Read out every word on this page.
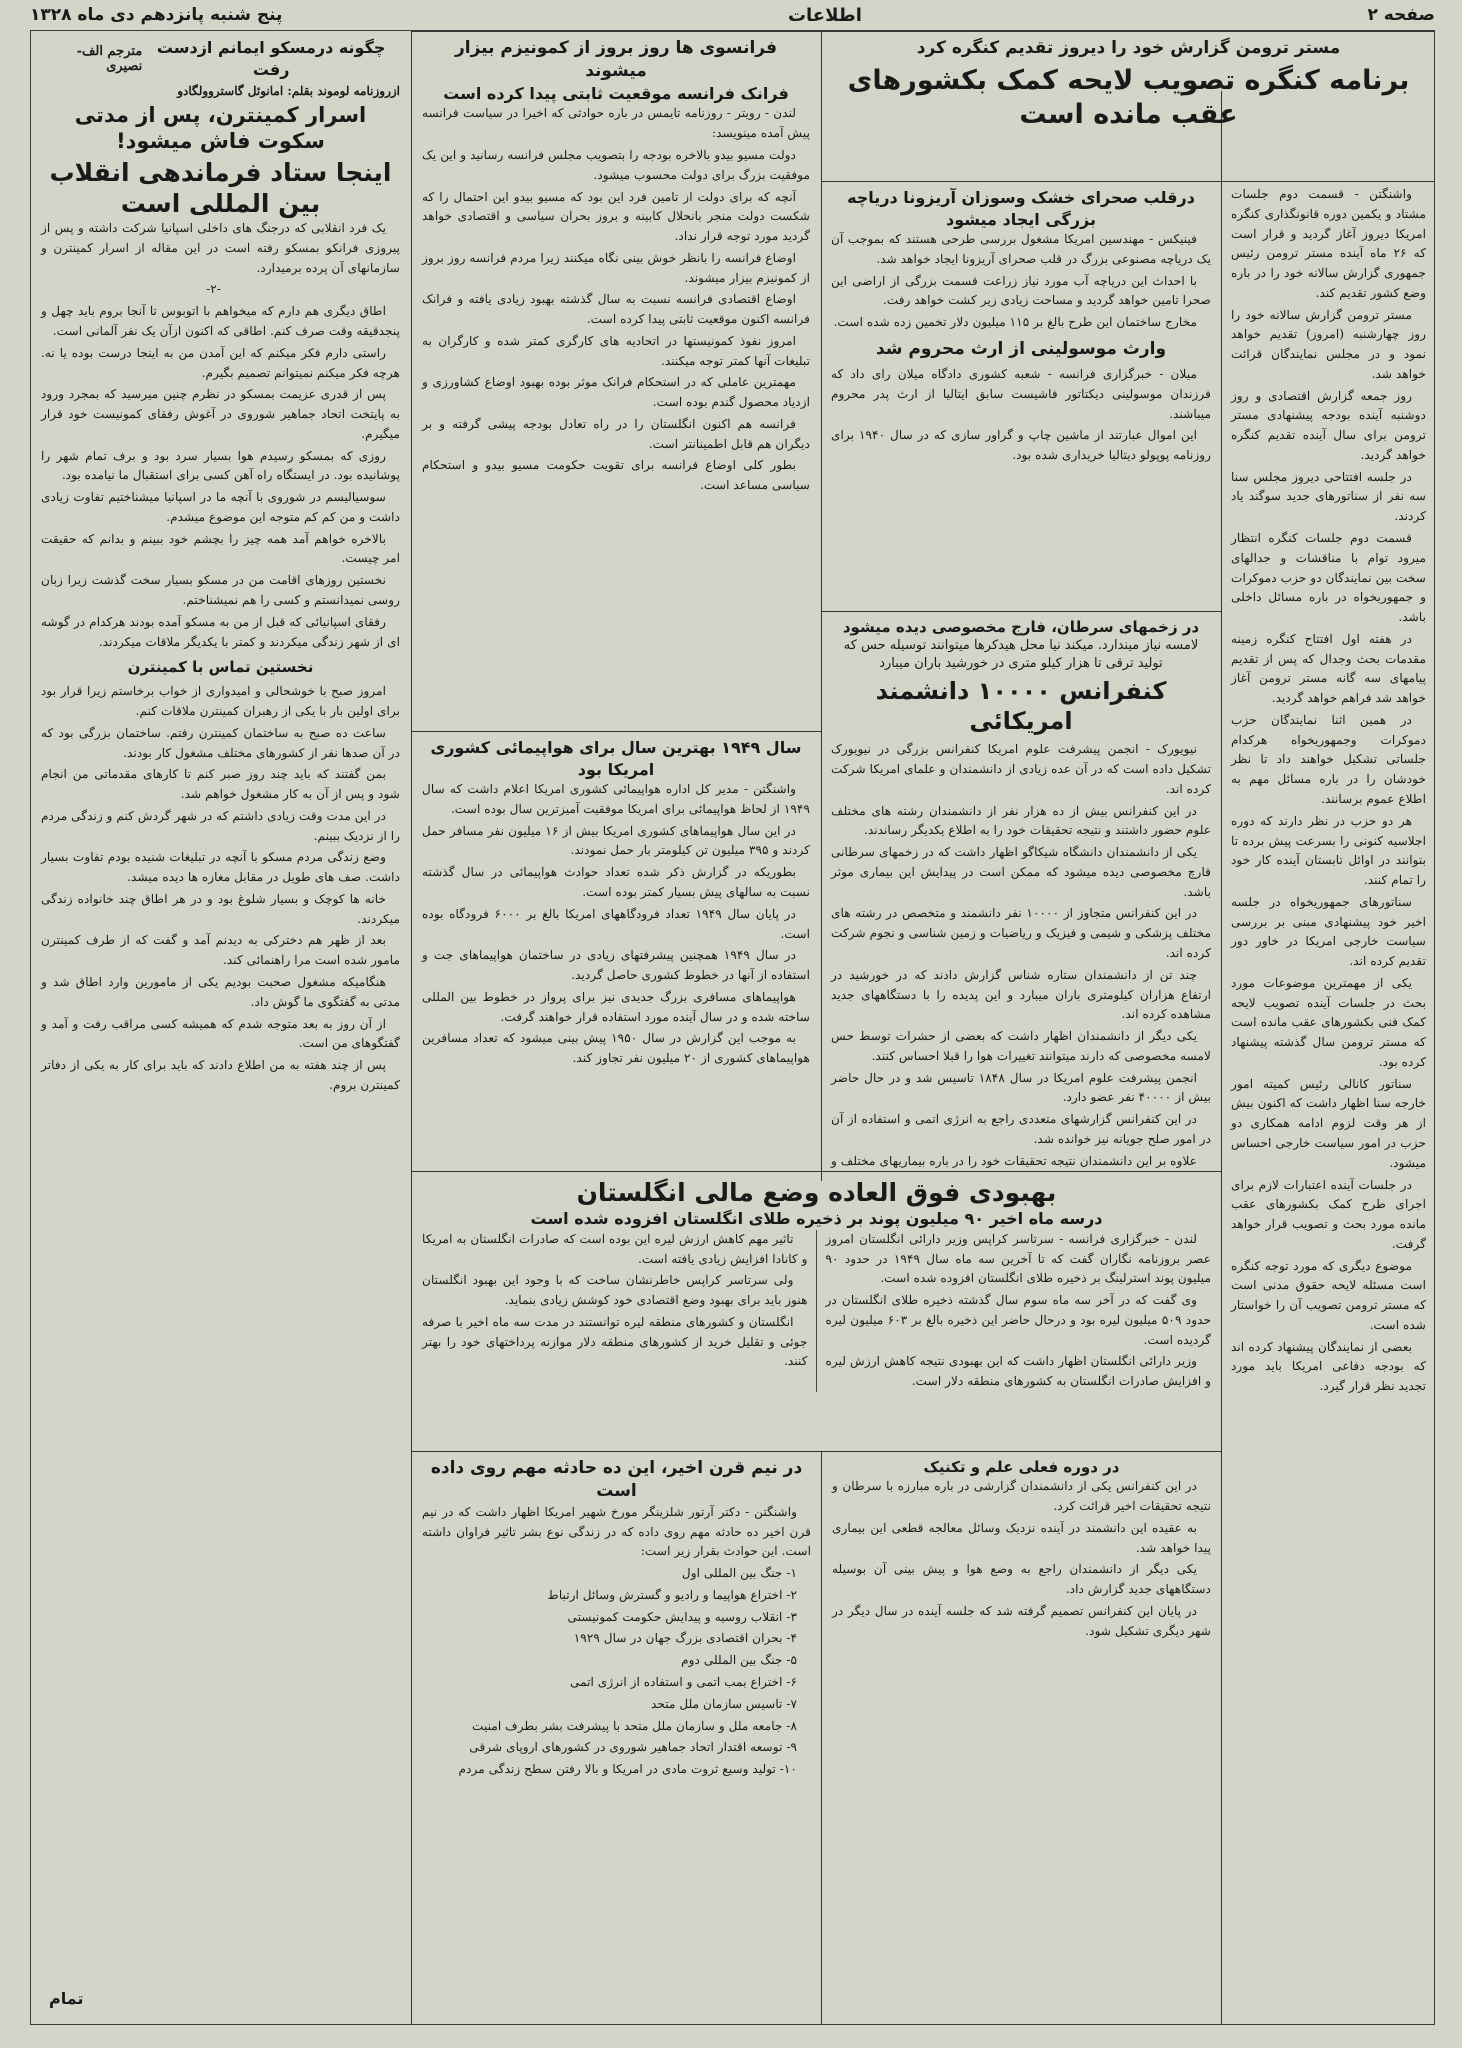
پنج شنبه پانزدهم دی ماه ۱۳۲۸	اطلاعات	صفحه ۲
مستر ترومن گزارش خود را دیروز تقدیم کنگره کرد
برنامه کنگره تصویب لایحه کمک بکشورهای عقب مانده است

واشنگتن - قسمت دوم جلسات مشتاد و یکمین دوره قانونگذاری کنگره امریکا دیروز آغاز گردید و قرار است که ۲۶ ماه آینده مستر ترومن رئیس جمهوری گزارش سالانه خود را در باره وضع کشور تقدیم کند.

مستر ترومن گزارش سالانه خود را روز چهارشنبه (امروز) تقدیم خواهد نمود و در مجلس نمایندگان قرائت خواهد شد.

روز جمعه گزارش اقتصادی و روز دوشنبه آینده بودجه پیشنهادی مستر ترومن برای سال آینده تقدیم کنگره خواهد گردید.

در جلسه افتتاحی دیروز مجلس سنا سه نفر از سناتورهای جدید سوگند یاد کردند.

قسمت دوم جلسات کنگره انتظار میرود توام با مناقشات و جدالهای سخت بین نمایندگان دو حزب دموکرات و جمهوریخواه در باره مسائل داخلی باشد.

در هفته اول افتتاح کنگره زمینه مقدمات بحث وجدال که پس از تقدیم پیامهای سه گانه مستر ترومن آغاز خواهد شد فراهم خواهد گردید.

در همین اثنا نمایندگان حزب دموکرات وجمهوریخواه هرکدام جلساتی تشکیل خواهند داد تا نظر خودشان را در باره مسائل مهم به اطلاع عموم برسانند.

هر دو حزب در نظر دارند که دوره اجلاسیه کنونی را بسرعت پیش برده تا بتوانند در اوائل تابستان آینده کار خود را تمام کنند.

سناتورهای جمهوریخواه در جلسه اخیر خود پیشنهادی مبنی بر بررسی سیاست خارجی امریکا در خاور دور تقدیم کرده اند.

یکی از مهمترین موضوعات مورد بحث در جلسات آینده تصویب لایحه کمک فنی بکشورهای عقب مانده است که مستر ترومن سال گذشته پیشنهاد کرده بود.

سناتور کانالی رئیس کمیته امور خارجه سنا اظهار داشت که اکنون بیش از هر وقت لزوم ادامه همکاری دو حزب در امور سیاست خارجی احساس میشود.

در جلسات آینده اعتبارات لازم برای اجرای طرح کمک بکشورهای عقب مانده مورد بحث و تصویب قرار خواهد گرفت.

موضوع دیگری که مورد توجه کنگره است مسئله لایحه حقوق مدنی است که مستر ترومن تصویب آن را خواستار شده است.

بعضی از نمایندگان پیشنهاد کرده اند که بودجه دفاعی امریکا باید مورد تجدید نظر قرار گیرد.

درقلب صحرای خشک وسوزان آریزونا دریاچه بزرگی ایجاد میشود

فینیکس - مهندسین امریکا مشغول بررسی طرحی هستند که بموجب آن یک دریاچه مصنوعی بزرگ در قلب صحرای آریزونا ایجاد خواهد شد.

با احداث این دریاچه آب مورد نیاز زراعت قسمت بزرگی از اراضی این صحرا تامین خواهد گردید و مساحت زیادی زیر کشت خواهد رفت.

مخارج ساختمان این طرح بالغ بر ۱۱۵ میلیون دلار تخمین زده شده است.

وارث موسولینی از ارث محروم شد

میلان - خبرگزاری فرانسه - شعبه کشوری دادگاه میلان رای داد که فرزندان موسولینی دیکتاتور فاشیست سابق ایتالیا از ارث پدر محروم میباشند.

این اموال عبارتند از ماشین چاپ و گراور سازی که در سال ۱۹۴۰ برای روزنامه پوپولو دیتالیا خریداری شده بود.

در زخمهای سرطان، فارج مخصوصی دیده میشود
لامسه نیاز میندارد. میکند نیا محل هیدکرها میتوانند توسیله حس که تولید ترقی تا هزار کیلو متری در خورشید باران میبارد
کنفرانس ۱۰۰۰۰ دانشمند امریکائی

نیویورک - انجمن پیشرفت علوم امریکا کنفرانس بزرگی در نیویورک تشکیل داده است که در آن عده زیادی از دانشمندان و علمای امریکا شرکت کرده اند.

در این کنفرانس بیش از ده هزار نفر از دانشمندان رشته های مختلف علوم حضور داشتند و نتیجه تحقیقات خود را به اطلاع یکدیگر رساندند.

یکی از دانشمندان دانشگاه شیکاگو اظهار داشت که در زخمهای سرطانی قارچ مخصوصی دیده میشود که ممکن است در پیدایش این بیماری موثر باشد.

در این کنفرانس متجاوز از ۱۰۰۰۰ نفر دانشمند و متخصص در رشته های مختلف پزشکی و شیمی و فیزیک و ریاضیات و زمین شناسی و نجوم شرکت کرده اند.

چند تن از دانشمندان ستاره شناس گزارش دادند که در خورشید در ارتفاع هزاران کیلومتری باران میبارد و این پدیده را با دستگاههای جدید مشاهده کرده اند.

یکی دیگر از دانشمندان اظهار داشت که بعضی از حشرات توسط حس لامسه مخصوصی که دارند میتوانند تغییرات هوا را قبلا احساس کنند.

انجمن پیشرفت علوم امریکا در سال ۱۸۴۸ تاسیس شد و در حال حاضر بیش از ۴۰۰۰۰ نفر عضو دارد.

در این کنفرانس گزارشهای متعددی راجع به انرژی اتمی و استفاده از آن در امور صلح جویانه نیز خوانده شد.

علاوه بر این دانشمندان نتیجه تحقیقات خود را در باره بیماریهای مختلف و

فرانسوی ها روز بروز از کمونیزم بیزار میشوند
فرانک فرانسه موقعیت ثابتی پیدا کرده است

لندن - رویتر - روزنامه تایمس در باره حوادثی که اخیرا در سیاست فرانسه پیش آمده مینویسد:

دولت مسیو بیدو بالاخره بودجه را بتصویب مجلس فرانسه رسانید و این یک موفقیت بزرگ برای دولت محسوب میشود.

آنچه که برای دولت از تامین فرد این بود که مسیو بیدو این احتمال را که شکست دولت منجر بانحلال کابینه و بروز بحران سیاسی و اقتصادی خواهد گردید مورد توجه قرار نداد.

اوضاع فرانسه را بانظر خوش بینی نگاه میکنند زیرا مردم فرانسه روز بروز از کمونیزم بیزار میشوند.

اوضاع اقتصادی فرانسه نسبت به سال گذشته بهبود زیادی یافته و فرانک فرانسه اکنون موقعیت ثابتی پیدا کرده است.

امروز نفوذ کمونیستها در اتحادیه های کارگری کمتر شده و کارگران به تبلیغات آنها کمتر توجه میکنند.

مهمترین عاملی که در استحکام فرانک موثر بوده بهبود اوضاع کشاورزی و ازدیاد محصول گندم بوده است.

فرانسه هم اکنون انگلستان را در راه تعادل بودجه پیشی گرفته و بر دیگران هم قابل اطمینانتر است.

بطور کلی اوضاع فرانسه برای تقویت حکومت مسیو بیدو و استحکام سیاسی مساعد است.

سال ۱۹۴۹ بهترین سال برای هواپیمائی کشوری امریکا بود

واشنگتن - مدیر کل اداره هواپیمائی کشوری امریکا اعلام داشت که سال ۱۹۴۹ از لحاظ هواپیمائی برای امریکا موفقیت آمیزترین سال بوده است.

در این سال هواپیماهای کشوری امریکا بیش از ۱۶ میلیون نفر مسافر حمل کردند و ۳۹۵ میلیون تن کیلومتر بار حمل نمودند.

بطوریکه در گزارش ذکر شده تعداد حوادث هواپیمائی در سال گذشته نسبت به سالهای پیش بسیار کمتر بوده است.

در پایان سال ۱۹۴۹ تعداد فرودگاههای امریکا بالغ بر ۶۰۰۰ فرودگاه بوده است.

در سال ۱۹۴۹ همچنین پیشرفتهای زیادی در ساختمان هواپیماهای جت و استفاده از آنها در خطوط کشوری حاصل گردید.

هواپیماهای مسافری بزرگ جدیدی نیز برای پرواز در خطوط بین المللی ساخته شده و در سال آینده مورد استفاده قرار خواهند گرفت.

به موجب این گزارش در سال ۱۹۵۰ پیش بینی میشود که تعداد مسافرین هواپیماهای کشوری از ۲۰ میلیون نفر تجاوز کند.

چگونه درمسکو ایمانم ازدست رفت
مترجم الف- نصیری
ازروزنامه لوموند بقلم: امانوئل گاستروولگادو
اسرار کمینترن، پس از مدتی سکوت فاش میشود!
اینجا ستاد فرماندهی انقلاب بین المللی است

یک فرد انقلابی که درجنگ های داخلی اسپانیا شرکت داشته و پس از پیروزی فرانکو بمسکو رفته است در این مقاله از اسرار کمینترن و سازمانهای آن پرده برمیدارد.

-۲-

اطاق دیگری هم دارم که میخواهم با اتوبوس تا آنجا بروم باید چهل و پنجدقیقه وقت صرف کنم. اطاقی که اکنون ازآن یک نفر آلمانی است.

راستی دارم فکر میکنم که این آمدن من به اینجا درست بوده یا نه. هرچه فکر میکنم نمیتوانم تصمیم بگیرم.

پس از قدری عزیمت بمسکو در نظرم چنین میرسید که بمجرد ورود به پایتخت اتحاد جماهیر شوروی در آغوش رفقای کمونیست خود قرار میگیرم.

روزی که بمسکو رسیدم هوا بسیار سرد بود و برف تمام شهر را پوشانیده بود. در ایستگاه راه آهن کسی برای استقبال ما نیامده بود.

سوسیالیسم در شوروی با آنچه ما در اسپانیا میشناختیم تفاوت زیادی داشت و من کم کم متوجه این موضوع میشدم.

بالاخره خواهم آمد همه چیز را بچشم خود ببینم و بدانم که حقیقت امر چیست.

نخستین روزهای اقامت من در مسکو بسیار سخت گذشت زیرا زبان روسی نمیدانستم و کسی را هم نمیشناختم.

رفقای اسپانیائی که قبل از من به مسکو آمده بودند هرکدام در گوشه ای از شهر زندگی میکردند و کمتر با یکدیگر ملاقات میکردند.

نخستین تماس با کمینترن

امروز صبح با خوشحالی و امیدواری از خواب برخاستم زیرا قرار بود برای اولین بار با یکی از رهبران کمینترن ملاقات کنم.

ساعت ده صبح به ساختمان کمینترن رفتم. ساختمان بزرگی بود که در آن صدها نفر از کشورهای مختلف مشغول کار بودند.

بمن گفتند که باید چند روز صبر کنم تا کارهای مقدماتی من انجام شود و پس از آن به کار مشغول خواهم شد.

در این مدت وقت زیادی داشتم که در شهر گردش کنم و زندگی مردم را از نزدیک ببینم.

وضع زندگی مردم مسکو با آنچه در تبلیغات شنیده بودم تفاوت بسیار داشت. صف های طویل در مقابل مغازه ها دیده میشد.

خانه ها کوچک و بسیار شلوغ بود و در هر اطاق چند خانواده زندگی میکردند.

بعد از ظهر هم دخترکی به دیدنم آمد و گفت که از طرف کمینترن مامور شده است مرا راهنمائی کند.

هنگامیکه مشغول صحبت بودیم یکی از مامورین وارد اطاق شد و مدتی به گفتگوی ما گوش داد.

از آن روز به بعد متوجه شدم که همیشه کسی مراقب رفت و آمد و گفتگوهای من است.

پس از چند هفته به من اطلاع دادند که باید برای کار به یکی از دفاتر کمینترن بروم.

تمام
بهبودی فوق العاده وضع مالی انگلستان
درسه ماه اخیر ۹۰ میلیون پوند بر ذخیره طلای انگلستان افزوده شده است

لندن - خبرگزاری فرانسه - سرتاسر کراپس وزیر دارائی انگلستان امروز عصر بروزنامه نگاران گفت که تا آخرین سه ماه سال ۱۹۴۹ در حدود ۹۰ میلیون پوند استرلینگ بر ذخیره طلای انگلستان افزوده شده است.

وی گفت که در آخر سه ماه سوم سال گذشته ذخیره طلای انگلستان در حدود ۵۰۹ میلیون لیره بود و درحال حاضر این ذخیره بالغ بر ۶۰۳ میلیون لیره گردیده است.

وزیر دارائی انگلستان اظهار داشت که این بهبودی نتیجه کاهش ارزش لیره و افزایش صادرات انگلستان به کشورهای منطقه دلار است.

تاثیر مهم کاهش ارزش لیره این بوده است که صادرات انگلستان به امریکا و کانادا افزایش زیادی یافته است.

ولی سرتاسر کراپس خاطرنشان ساخت که با وجود این بهبود انگلستان هنوز باید برای بهبود وضع اقتصادی خود کوشش زیادی بنماید.

انگلستان و کشورهای منطقه لیره توانستند در مدت سه ماه اخیر با صرفه جوئی و تقلیل خرید از کشورهای منطقه دلار موازنه پرداختهای خود را بهتر کنند.

در دوره فعلی علم و تکنیک

در این کنفرانس یکی از دانشمندان گزارشی در باره مبارزه با سرطان و نتیجه تحقیقات اخیر قرائت کرد.

به عقیده این دانشمند در آینده نزدیک وسائل معالجه قطعی این بیماری پیدا خواهد شد.

یکی دیگر از دانشمندان راجع به وضع هوا و پیش بینی آن بوسیله دستگاههای جدید گزارش داد.

در پایان این کنفرانس تصمیم گرفته شد که جلسه آینده در سال دیگر در شهر دیگری تشکیل شود.

در نیم قرن اخیر، این ده حادثه مهم روی داده است

واشنگتن - دکتر آرتور شلزینگر مورخ شهیر امریکا اظهار داشت که در نیم قرن اخیر ده حادثه مهم روی داده که در زندگی نوع بشر تاثیر فراوان داشته است. این حوادث بقرار زیر است:

۱- جنگ بین المللی اول

۲- اختراع هواپیما و رادیو و گسترش وسائل ارتباط

۳- انقلاب روسیه و پیدایش حکومت کمونیستی

۴- بحران اقتصادی بزرگ جهان در سال ۱۹۲۹

۵- جنگ بین المللی دوم

۶- اختراع بمب اتمی و استفاده از انرژی اتمی

۷- تاسیس سازمان ملل متحد

۸- جامعه ملل و سازمان ملل متحد با پیشرفت بشر بطرف امنیت

۹- توسعه اقتدار اتحاد جماهیر شوروی در کشورهای اروپای شرقی

۱۰- تولید وسیع ثروت مادی در امریکا و بالا رفتن سطح زندگی مردم
